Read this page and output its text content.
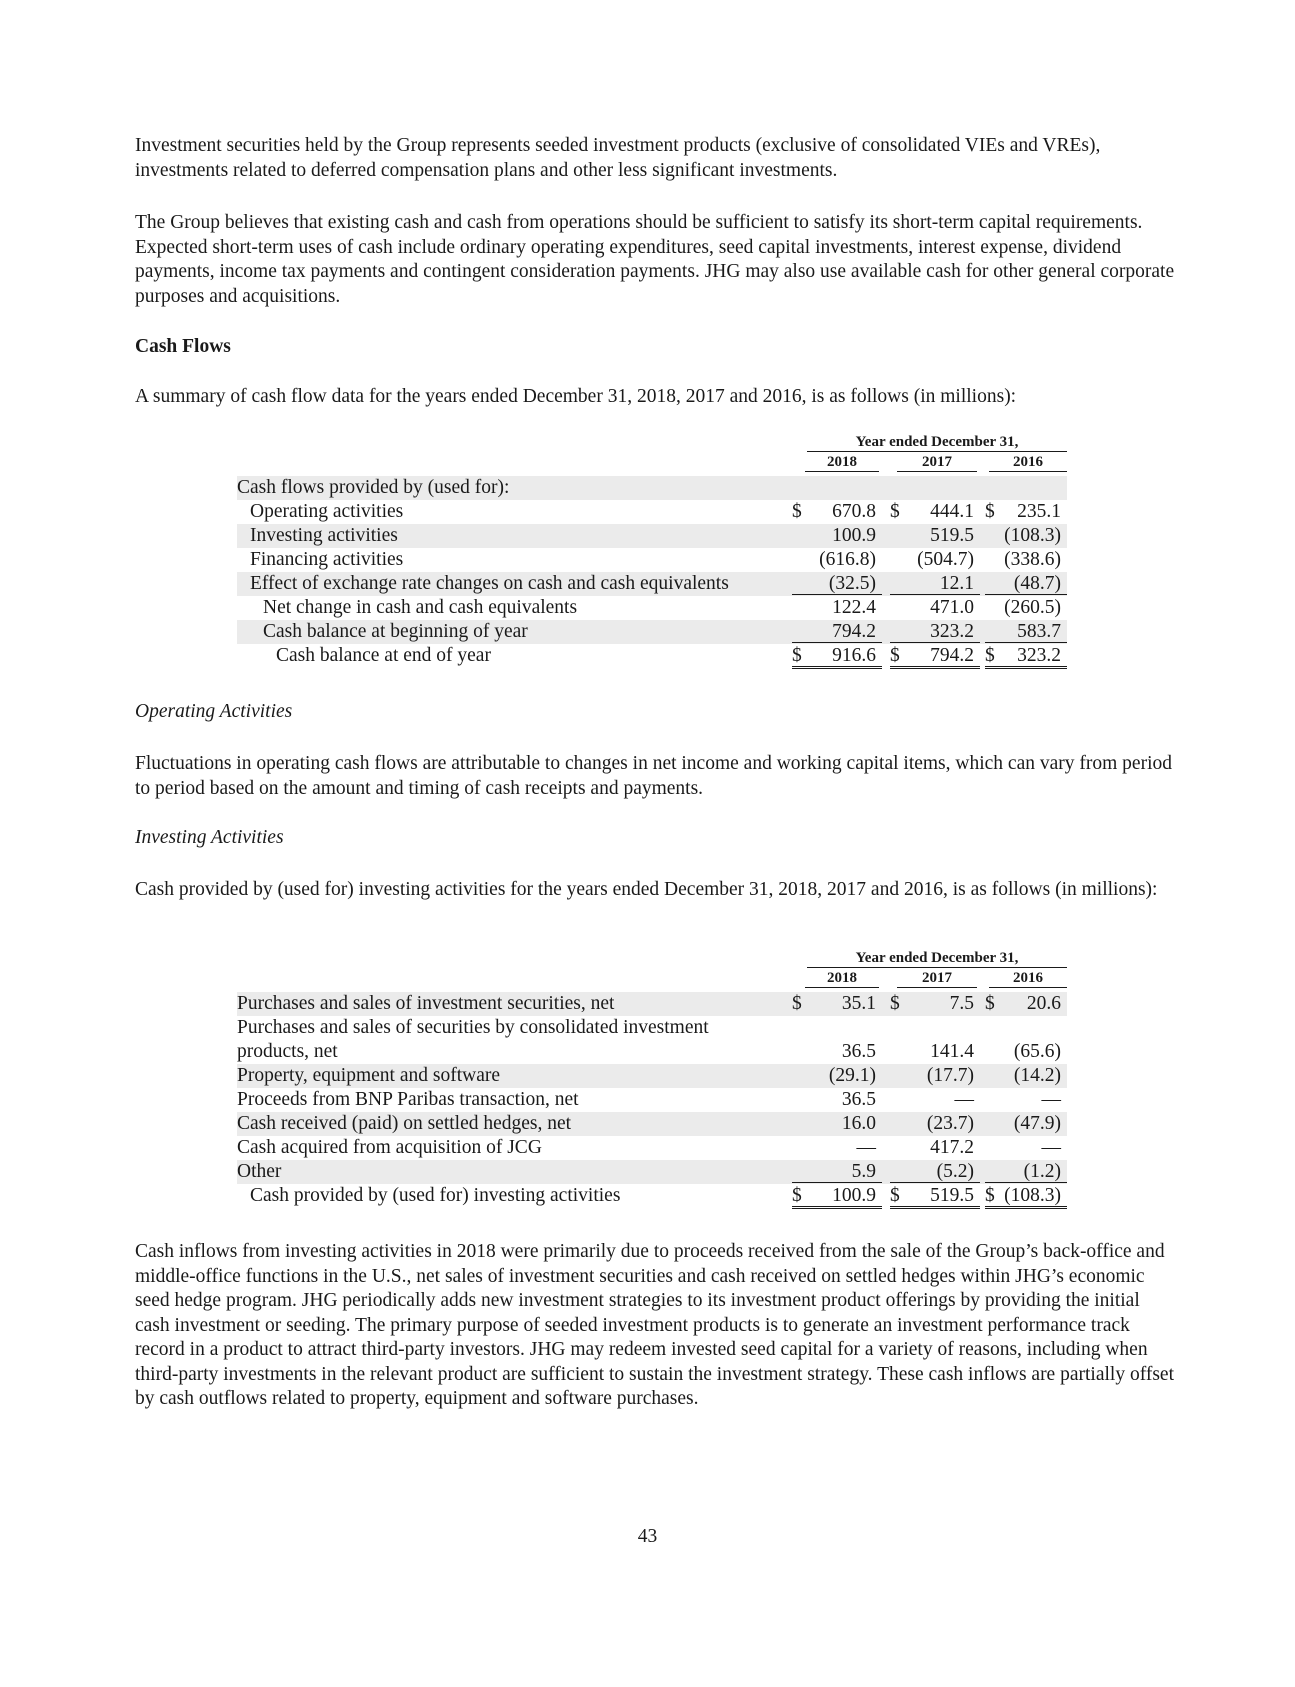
Investment securities held by the Group represents seeded investment products (exclusive of consolidated VIEs and VREs), investments related to deferred compensation plans and other less significant investments.

The Group believes that existing cash and cash from operations should be sufficient to satisfy its short-term capital requirements. Expected short-term uses of cash include ordinary operating expenditures, seed capital investments, interest expense, dividend payments, income tax payments and contingent consideration payments. JHG may also use available cash for other general corporate purposes and acquisitions.

Cash Flows

A summary of cash flow data for the years ended December 31, 2018, 2017 and 2016, is as follows (in millions):

Year ended December 31,
2018	2017	2016
Cash flows provided by (used for):
Operating activities	$ 670.8 $ 444.1 $ 235.1
Investing activities	100.9	519.5 (108.3)
Financing activities	(616.8) (504.7) (338.6)
Effect of exchange rate changes on cash and cash equivalents	(32.5)	12.1 (48.7)
Net change in cash and cash equivalents	122.4	471.0 (260.5)
Cash balance at beginning of year	794.2	323.2 583.7
Cash balance at end of year	$ 916.6 $ 794.2 $ 323.2

Operating Activities

Fluctuations in operating cash flows are attributable to changes in net income and working capital items, which can vary from period to period based on the amount and timing of cash receipts and payments.

Investing Activities

Cash provided by (used for) investing activities for the years ended December 31, 2018, 2017 and 2016, is as follows (in millions):

Year ended December 31,
2018	2017	2016
Purchases and sales of investment securities, net	$ 35.1 $	7.5 $ 20.6
Purchases and sales of securities by consolidated investment
products, net	36.5	141.4 (65.6)
Property, equipment and software	(29.1)	(17.7) (14.2)
Proceeds from BNP Paribas transaction, net	36.5	—	—
Cash received (paid) on settled hedges, net	16.0	(23.7) (47.9)
Cash acquired from acquisition of JCG	—	417.2	—
Other	5.9	(5.2)	(1.2)
Cash provided by (used for) investing activities	$ 100.9 $ 519.5 $ (108.3)

Cash inflows from investing activities in 2018 were primarily due to proceeds received from the sale of the Group’s back-office and middle-office functions in the U.S., net sales of investment securities and cash received on settled hedges within JHG’s economic seed hedge program. JHG periodically adds new investment strategies to its investment product offerings by providing the initial cash investment or seeding. The primary purpose of seeded investment products is to generate an investment performance track record in a product to attract third-party investors. JHG may redeem invested seed capital for a variety of reasons, including when third-party investments in the relevant product are sufficient to sustain the investment strategy. These cash inflows are partially offset by cash outflows related to property, equipment and software purchases.

43
